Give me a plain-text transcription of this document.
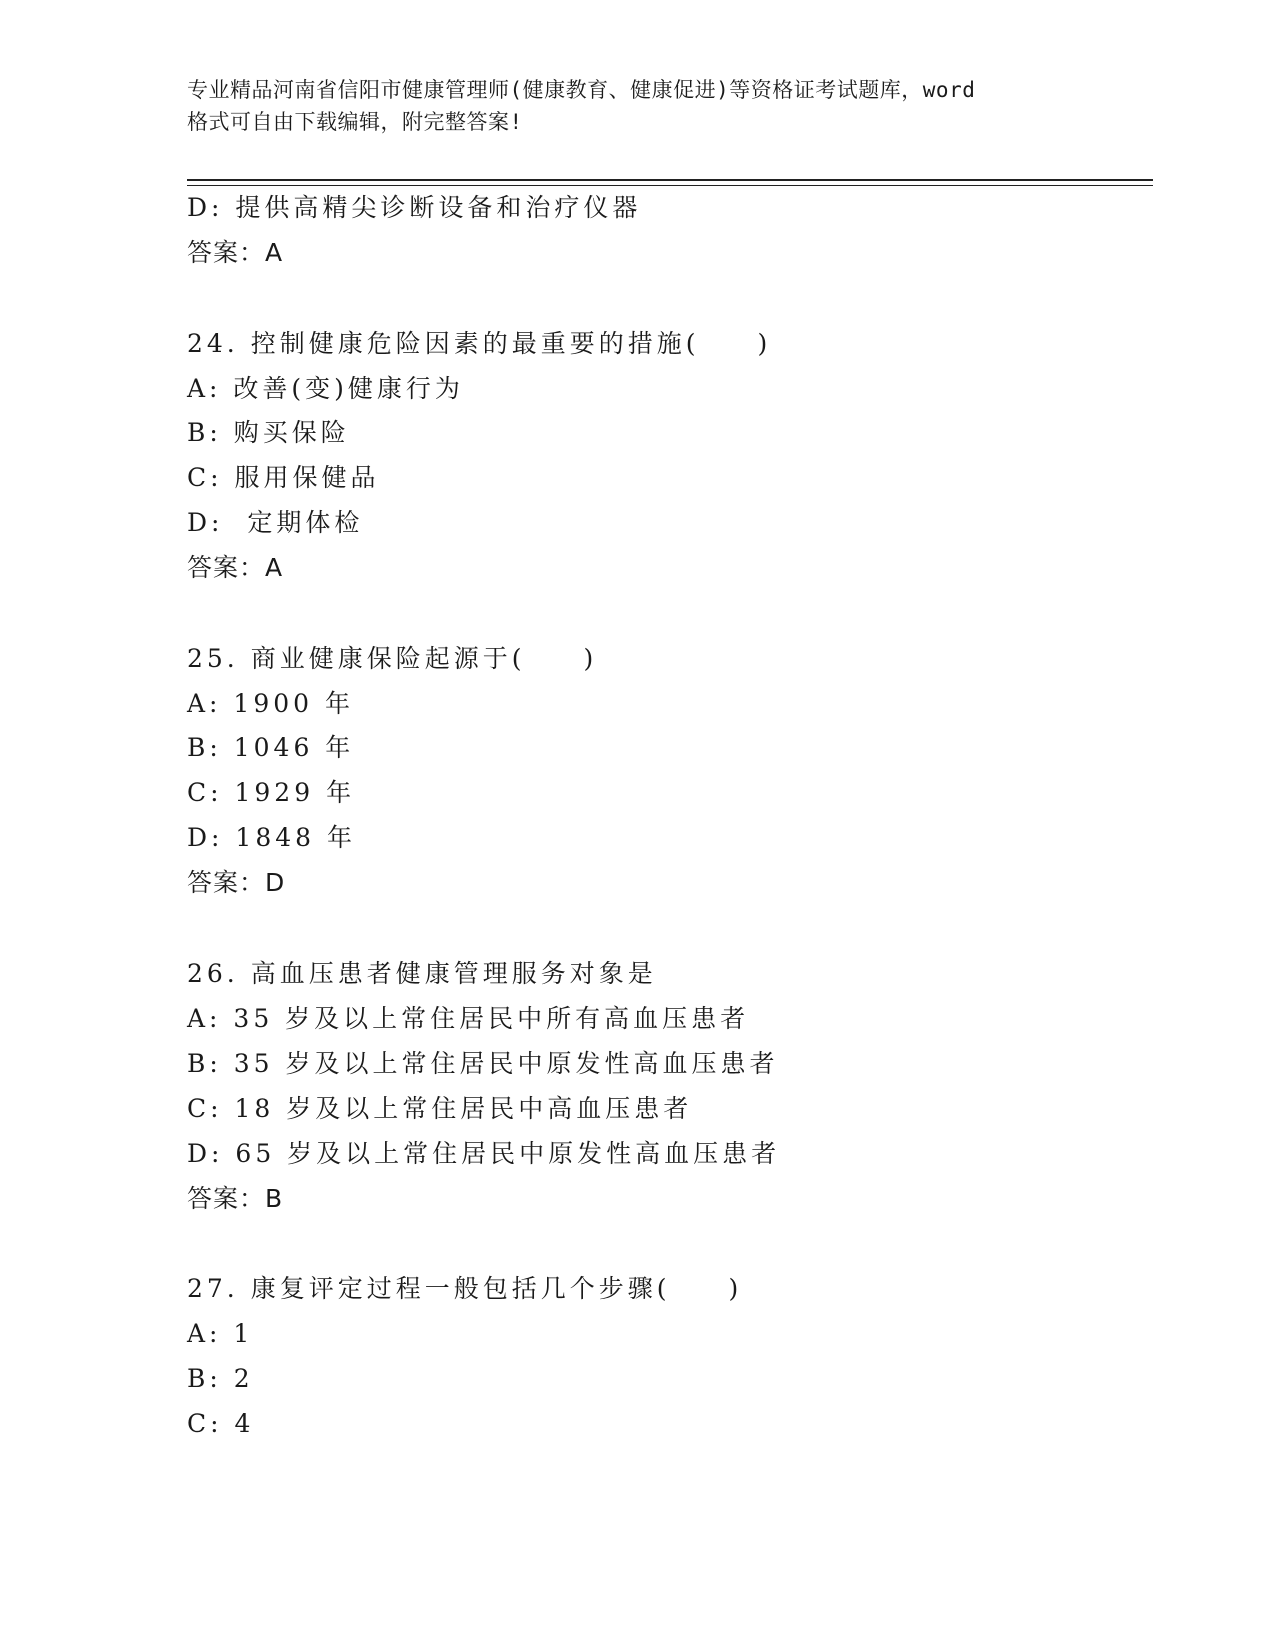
专业精品河南省信阳市健康管理师(健康教育、健康促进)等资格证考试题库，word
格式可自由下载编辑，附完整答案!
D: 提供高精尖诊断设备和治疗仪器
答案：A
24. 控制健康危险因素的最重要的措施(　　)
A: 改善(变)健康行为
B: 购买保险
C: 服用保健品
D:  定期体检
答案：A
25. 商业健康保险起源于(　　)
A: 1900 年
B: 1046 年
C: 1929 年
D: 1848 年
答案：D
26. 高血压患者健康管理服务对象是
A: 35 岁及以上常住居民中所有高血压患者
B: 35 岁及以上常住居民中原发性高血压患者
C: 18 岁及以上常住居民中高血压患者
D: 65 岁及以上常住居民中原发性高血压患者
答案：B
27. 康复评定过程一般包括几个步骤(　　)
A: 1
B: 2
C: 4
